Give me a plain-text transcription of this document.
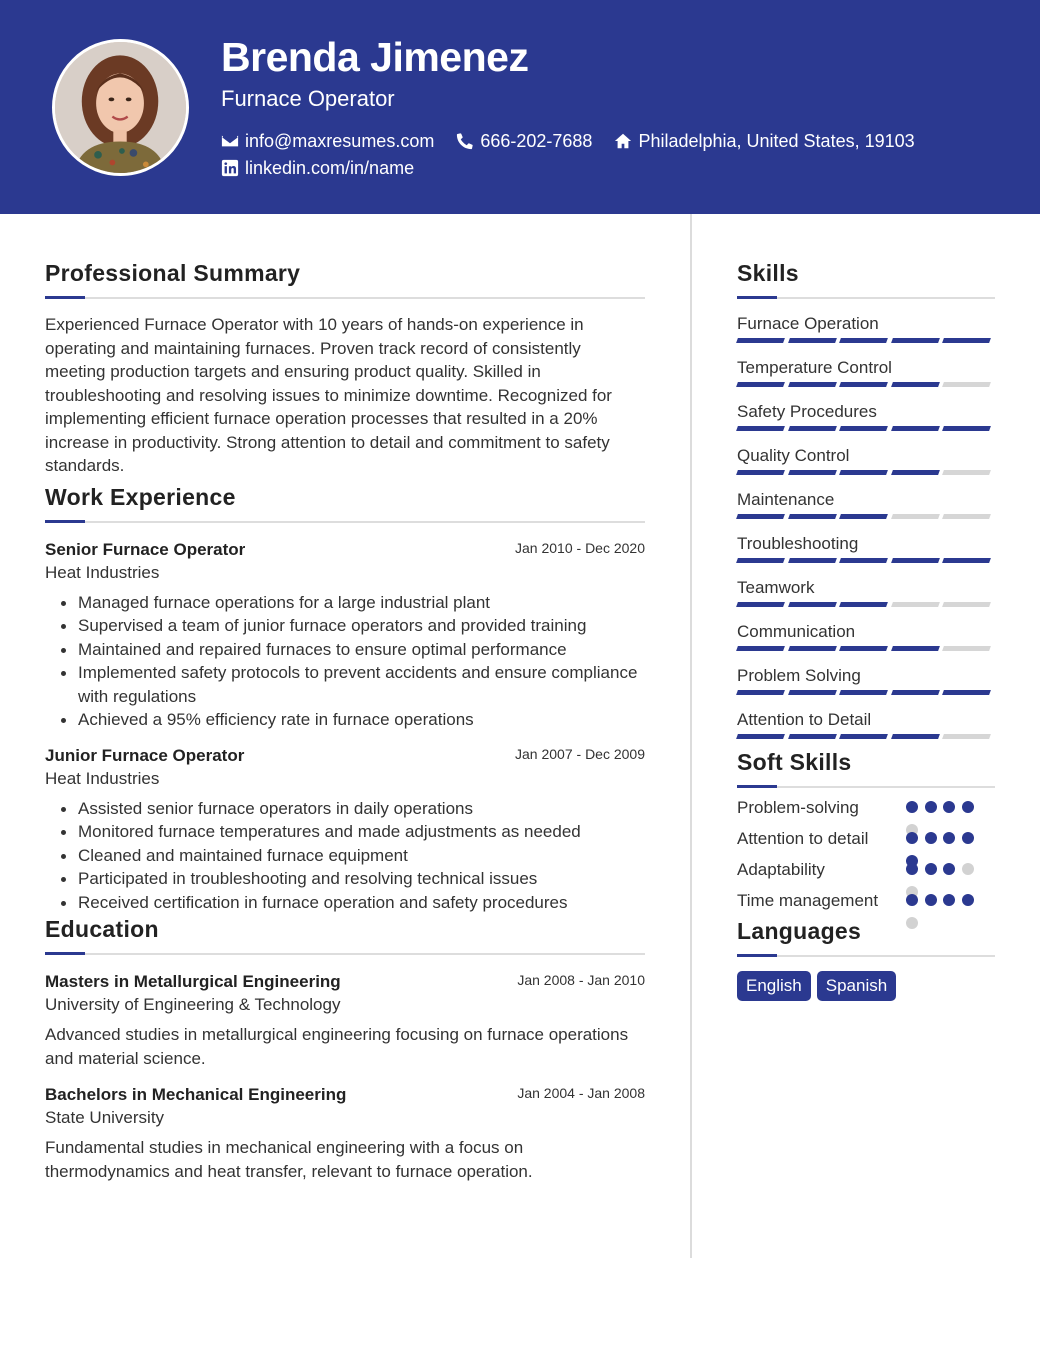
Brenda Jimenez
Furnace Operator
info@maxresumes.com	666-202-7688	Philadelphia, United States, 19103
linkedin.com/in/name
Professional Summary

Experienced Furnace Operator with 10 years of hands-on experience in operating and maintaining furnaces. Proven track record of consistently meeting production targets and ensuring product quality. Skilled in troubleshooting and resolving issues to minimize downtime. Recognized for implementing efficient furnace operation processes that resulted in a 20% increase in productivity. Strong attention to detail and commitment to safety standards.

Work Experience
Senior Furnace Operator	Jan 2010 - Dec 2020
Heat Industries
Managed furnace operations for a large industrial plant
Supervised a team of junior furnace operators and provided training
Maintained and repaired furnaces to ensure optimal performance
Implemented safety protocols to prevent accidents and ensure compliance with regulations
Achieved a 95% efficiency rate in furnace operations
Junior Furnace Operator	Jan 2007 - Dec 2009
Heat Industries
Assisted senior furnace operators in daily operations
Monitored furnace temperatures and made adjustments as needed
Cleaned and maintained furnace equipment
Participated in troubleshooting and resolving technical issues
Received certification in furnace operation and safety procedures
Education
Masters in Metallurgical Engineering	Jan 2008 - Jan 2010
University of Engineering & Technology

Advanced studies in metallurgical engineering focusing on furnace operations and material science.

Bachelors in Mechanical Engineering	Jan 2004 - Jan 2008
State University

Fundamental studies in mechanical engineering with a focus on thermodynamics and heat transfer, relevant to furnace operation.

Skills
Furnace Operation
Temperature Control
Safety Procedures
Quality Control
Maintenance
Troubleshooting
Teamwork
Communication
Problem Solving
Attention to Detail
Soft Skills
Problem-solving
Attention to detail
Adaptability
Time management
Languages
English	Spanish
